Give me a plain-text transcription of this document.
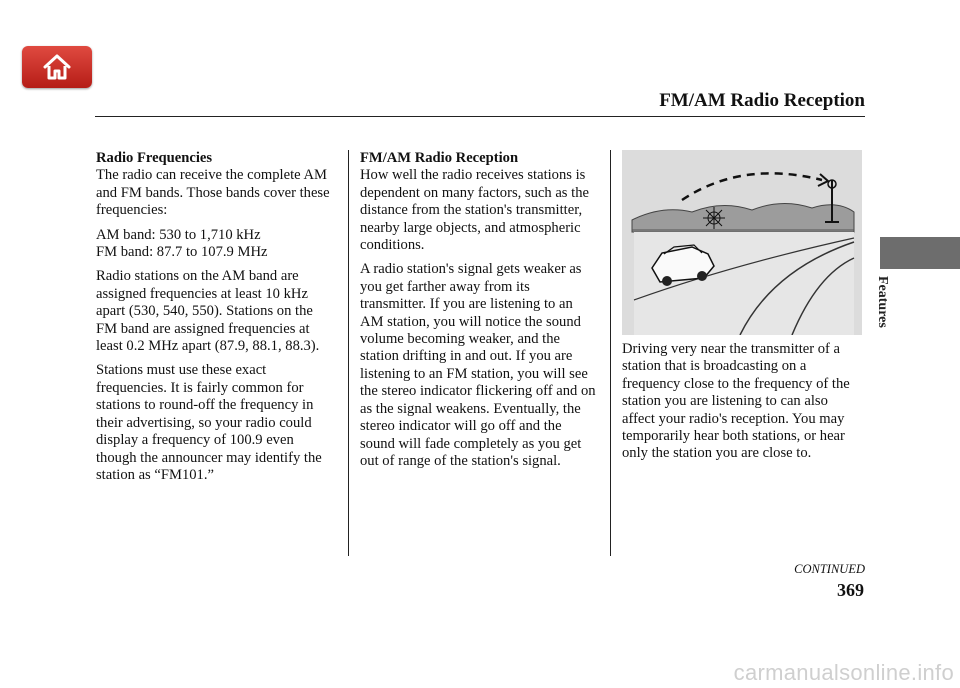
FM/AM Radio Reception

Radio Frequencies
The radio can receive the complete AM and FM bands. Those bands cover these frequencies:

AM band: 530 to 1,710 kHz

FM band: 87.7 to 107.9 MHz

Radio stations on the AM band are assigned frequencies at least 10 kHz apart (530, 540, 550). Stations on the FM band are assigned frequencies at least 0.2 MHz apart (87.9, 88.1, 88.3).

Stations must use these exact frequencies. It is fairly common for stations to round-off the frequency in their advertising, so your radio could display a frequency of 100.9 even though the announcer may identify the station as “FM101.”

FM/AM Radio Reception
How well the radio receives stations is dependent on many factors, such as the distance from the station's transmitter, nearby large objects, and atmospheric conditions.

A radio station's signal gets weaker as you get farther away from its transmitter. If you are listening to an AM station, you will notice the sound volume becoming weaker, and the station drifting in and out. If you are listening to an FM station, you will see the stereo indicator flickering off and on as the signal weakens. Eventually, the stereo indicator will go off and the sound will fade completely as you get out of range of the station's signal.

Driving very near the transmitter of a station that is broadcasting on a frequency close to the frequency of the station you are listening to can also affect your radio's reception. You may temporarily hear both stations, or hear only the station you are close to.

Features
CONTINUED
369
carmanualsonline.info
